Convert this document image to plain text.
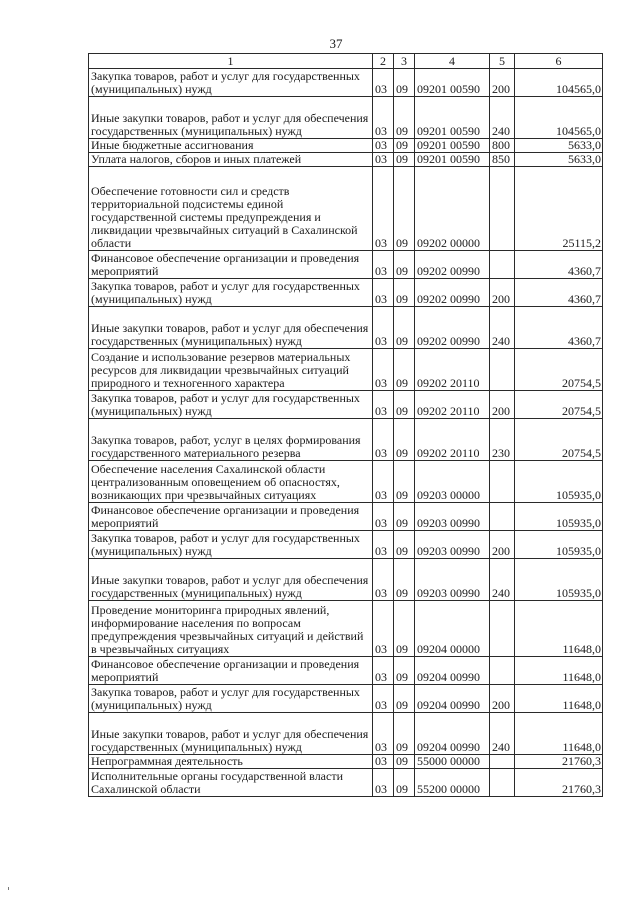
37
1	2	3	4	5	6
Закупка товаров, работ и услуг для государственных (муниципальных) нужд	03	09	09201 00590	200	104565,0
Иные закупки товаров, работ и услуг для обеспечения государственных (муниципальных) нужд	03	09	09201 00590	240	104565,0
Иные бюджетные ассигнования	03	09	09201 00590	800	5633,0
Уплата налогов, сборов и иных платежей	03	09	09201 00590	850	5633,0
Обеспечение готовности сил и средств территориальной подсистемы единой государственной системы предупреждения и ликвидации чрезвычайных ситуаций в Сахалинской области	03	09	09202 00000		25115,2
Финансовое обеспечение организации и проведения мероприятий	03	09	09202 00990		4360,7
Закупка товаров, работ и услуг для государственных (муниципальных) нужд	03	09	09202 00990	200	4360,7
Иные закупки товаров, работ и услуг для обеспечения государственных (муниципальных) нужд	03	09	09202 00990	240	4360,7
Создание и использование резервов материальных ресурсов для ликвидации чрезвычайных ситуаций природного и техногенного характера	03	09	09202 20110		20754,5
Закупка товаров, работ и услуг для государственных (муниципальных) нужд	03	09	09202 20110	200	20754,5
Закупка товаров, работ, услуг в целях формирования государственного материального резерва	03	09	09202 20110	230	20754,5
Обеспечение населения Сахалинской области централизованным оповещением об опасностях, возникающих при чрезвычайных ситуациях	03	09	09203 00000		105935,0
Финансовое обеспечение организации и проведения мероприятий	03	09	09203 00990		105935,0
Закупка товаров, работ и услуг для государственных (муниципальных) нужд	03	09	09203 00990	200	105935,0
Иные закупки товаров, работ и услуг для обеспечения государственных (муниципальных) нужд	03	09	09203 00990	240	105935,0
Проведение мониторинга природных явлений, информирование населения по вопросам предупреждения чрезвычайных ситуаций и действий в чрезвычайных ситуациях	03	09	09204 00000		11648,0
Финансовое обеспечение организации и проведения мероприятий	03	09	09204 00990		11648,0
Закупка товаров, работ и услуг для государственных (муниципальных) нужд	03	09	09204 00990	200	11648,0
Иные закупки товаров, работ и услуг для обеспечения государственных (муниципальных) нужд	03	09	09204 00990	240	11648,0
Непрограммная деятельность	03	09	55000 00000		21760,3
Исполнительные органы государственной власти Сахалинской области	03	09	55200 00000		21760,3
